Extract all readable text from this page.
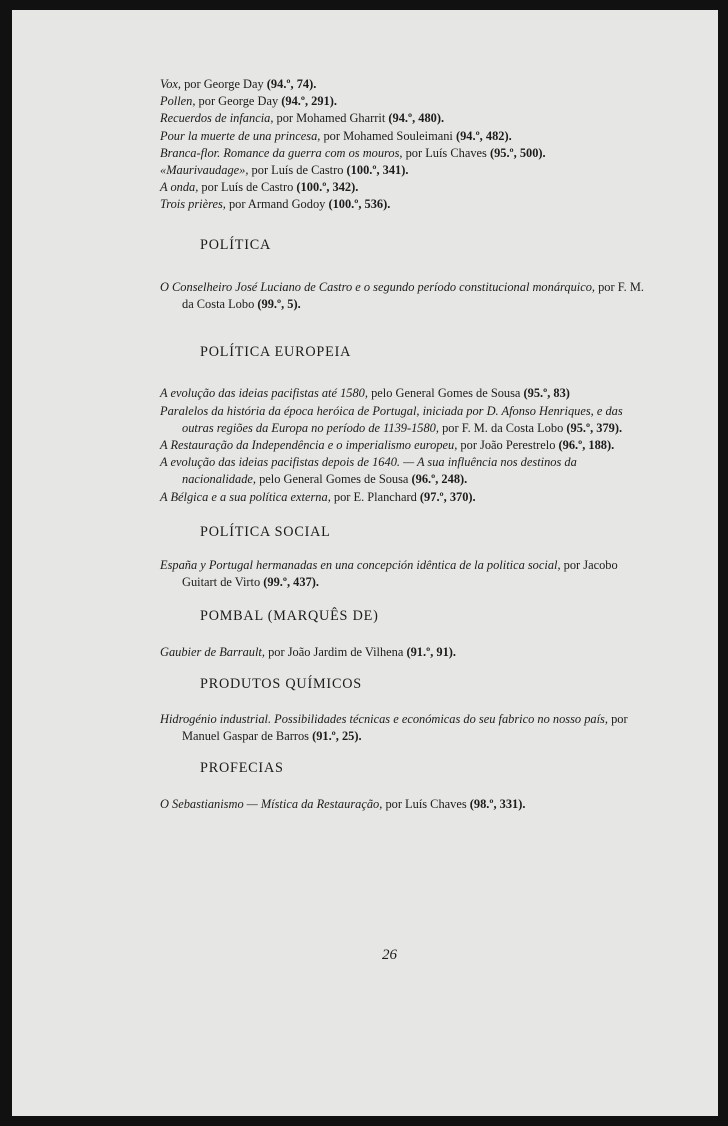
Vox, por George Day (94.º, 74).

Pollen, por George Day (94.º, 291).

Recuerdos de infancia, por Mohamed Gharrit (94.º, 480).

Pour la muerte de una princesa, por Mohamed Souleimani (94.º, 482).

Branca-flor. Romance da guerra com os mouros, por Luís Chaves (95.º, 500).

«Maurivaudage», por Luís de Castro (100.º, 341).

A onda, por Luís de Castro (100.º, 342).

Trois prières, por Armand Godoy (100.º, 536).

POLÍTICA

O Conselheiro José Luciano de Castro e o segundo período constitucional monárquico, por F. M. da Costa Lobo (99.º, 5).

POLÍTICA EUROPEIA

A evolução das ideias pacifistas até 1580, pelo General Gomes de Sousa (95.º, 83)

Paralelos da história da época heróica de Portugal, iniciada por D. Afonso Henriques, e das outras regiões da Europa no período de 1139-1580, por F. M. da Costa Lobo (95.º, 379).

A Restauração da Independência e o imperialismo europeu, por João Perestrelo (96.º, 188).

A evolução das ideias pacifistas depois de 1640. — A sua influência nos destinos da nacionalidade, pelo General Gomes de Sousa (96.º, 248).

A Bélgica e a sua política externa, por E. Planchard (97.º, 370).

POLÍTICA SOCIAL

España y Portugal hermanadas en una concepción idêntica de la politica social, por Jacobo Guitart de Virto (99.º, 437).

POMBAL (MARQUÊS DE)

Gaubier de Barrault, por João Jardim de Vilhena (91.º, 91).

PRODUTOS QUÍMICOS

Hidrogénio industrial. Possibilidades técnicas e económicas do seu fabrico no nosso país, por Manuel Gaspar de Barros (91.º, 25).

PROFECIAS

O Sebastianismo — Mística da Restauração, por Luís Chaves (98.º, 331).

26
